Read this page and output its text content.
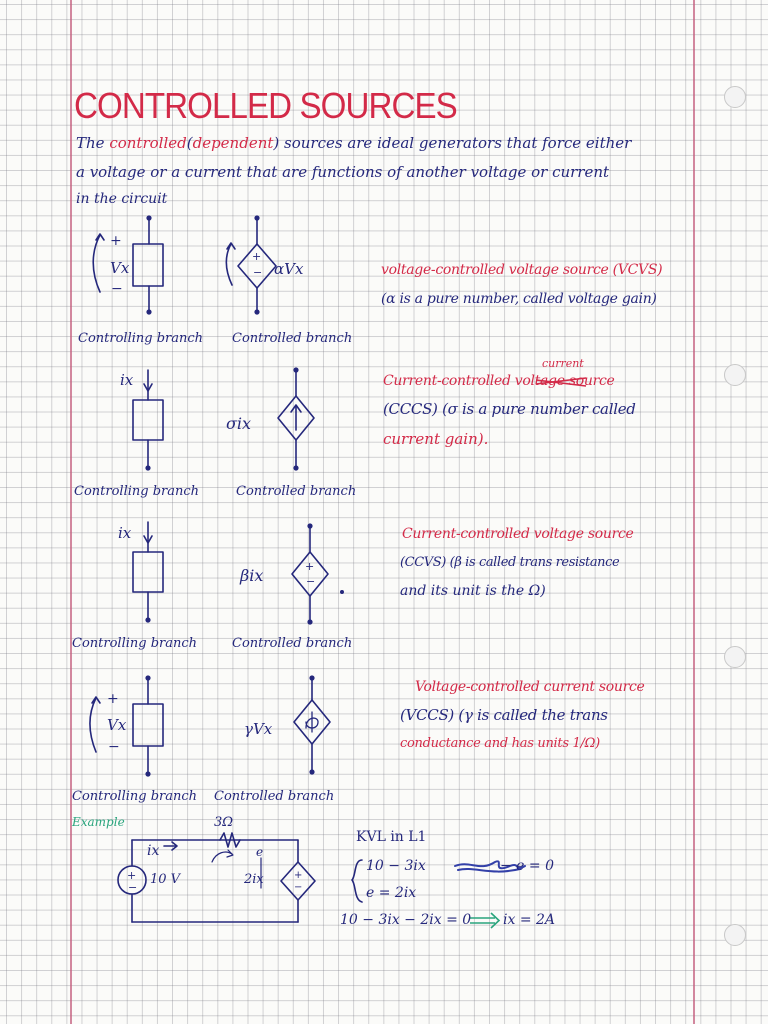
CONTROLLED SOURCES
The controlled(dependent) sources are ideal generators that force either
a voltage or a current that are functions of another voltage or current
in the circuit
+
Vx
−
+
− αVx	voltage-controlled voltage source (VCVS)
(α is a pure number, called voltage gain)
Controlling branch Controlled branch
ix
σix
current
Current-controlled voltage source
(CCCS) (σ is a pure number called
current gain).
Controlling branch	Controlled branch
ix
+
−
βix
Current-controlled voltage source
(CCVS) (β is called trans resistance
and its unit is the Ω)
Controlling branch	Controlled branch
+
Vx
−
γVx
Voltage-controlled current source
(VCCS) (γ is called the trans
conductance and has units 1/Ω)
Controlling branch Controlled branch
Example	3Ω
ix
+
−
10 V
e
2ix	+
−
KVL in L1
10 − 3ix	− e = 0
e = 2ix
10 − 3ix − 2ix = 0 ix = 2A
